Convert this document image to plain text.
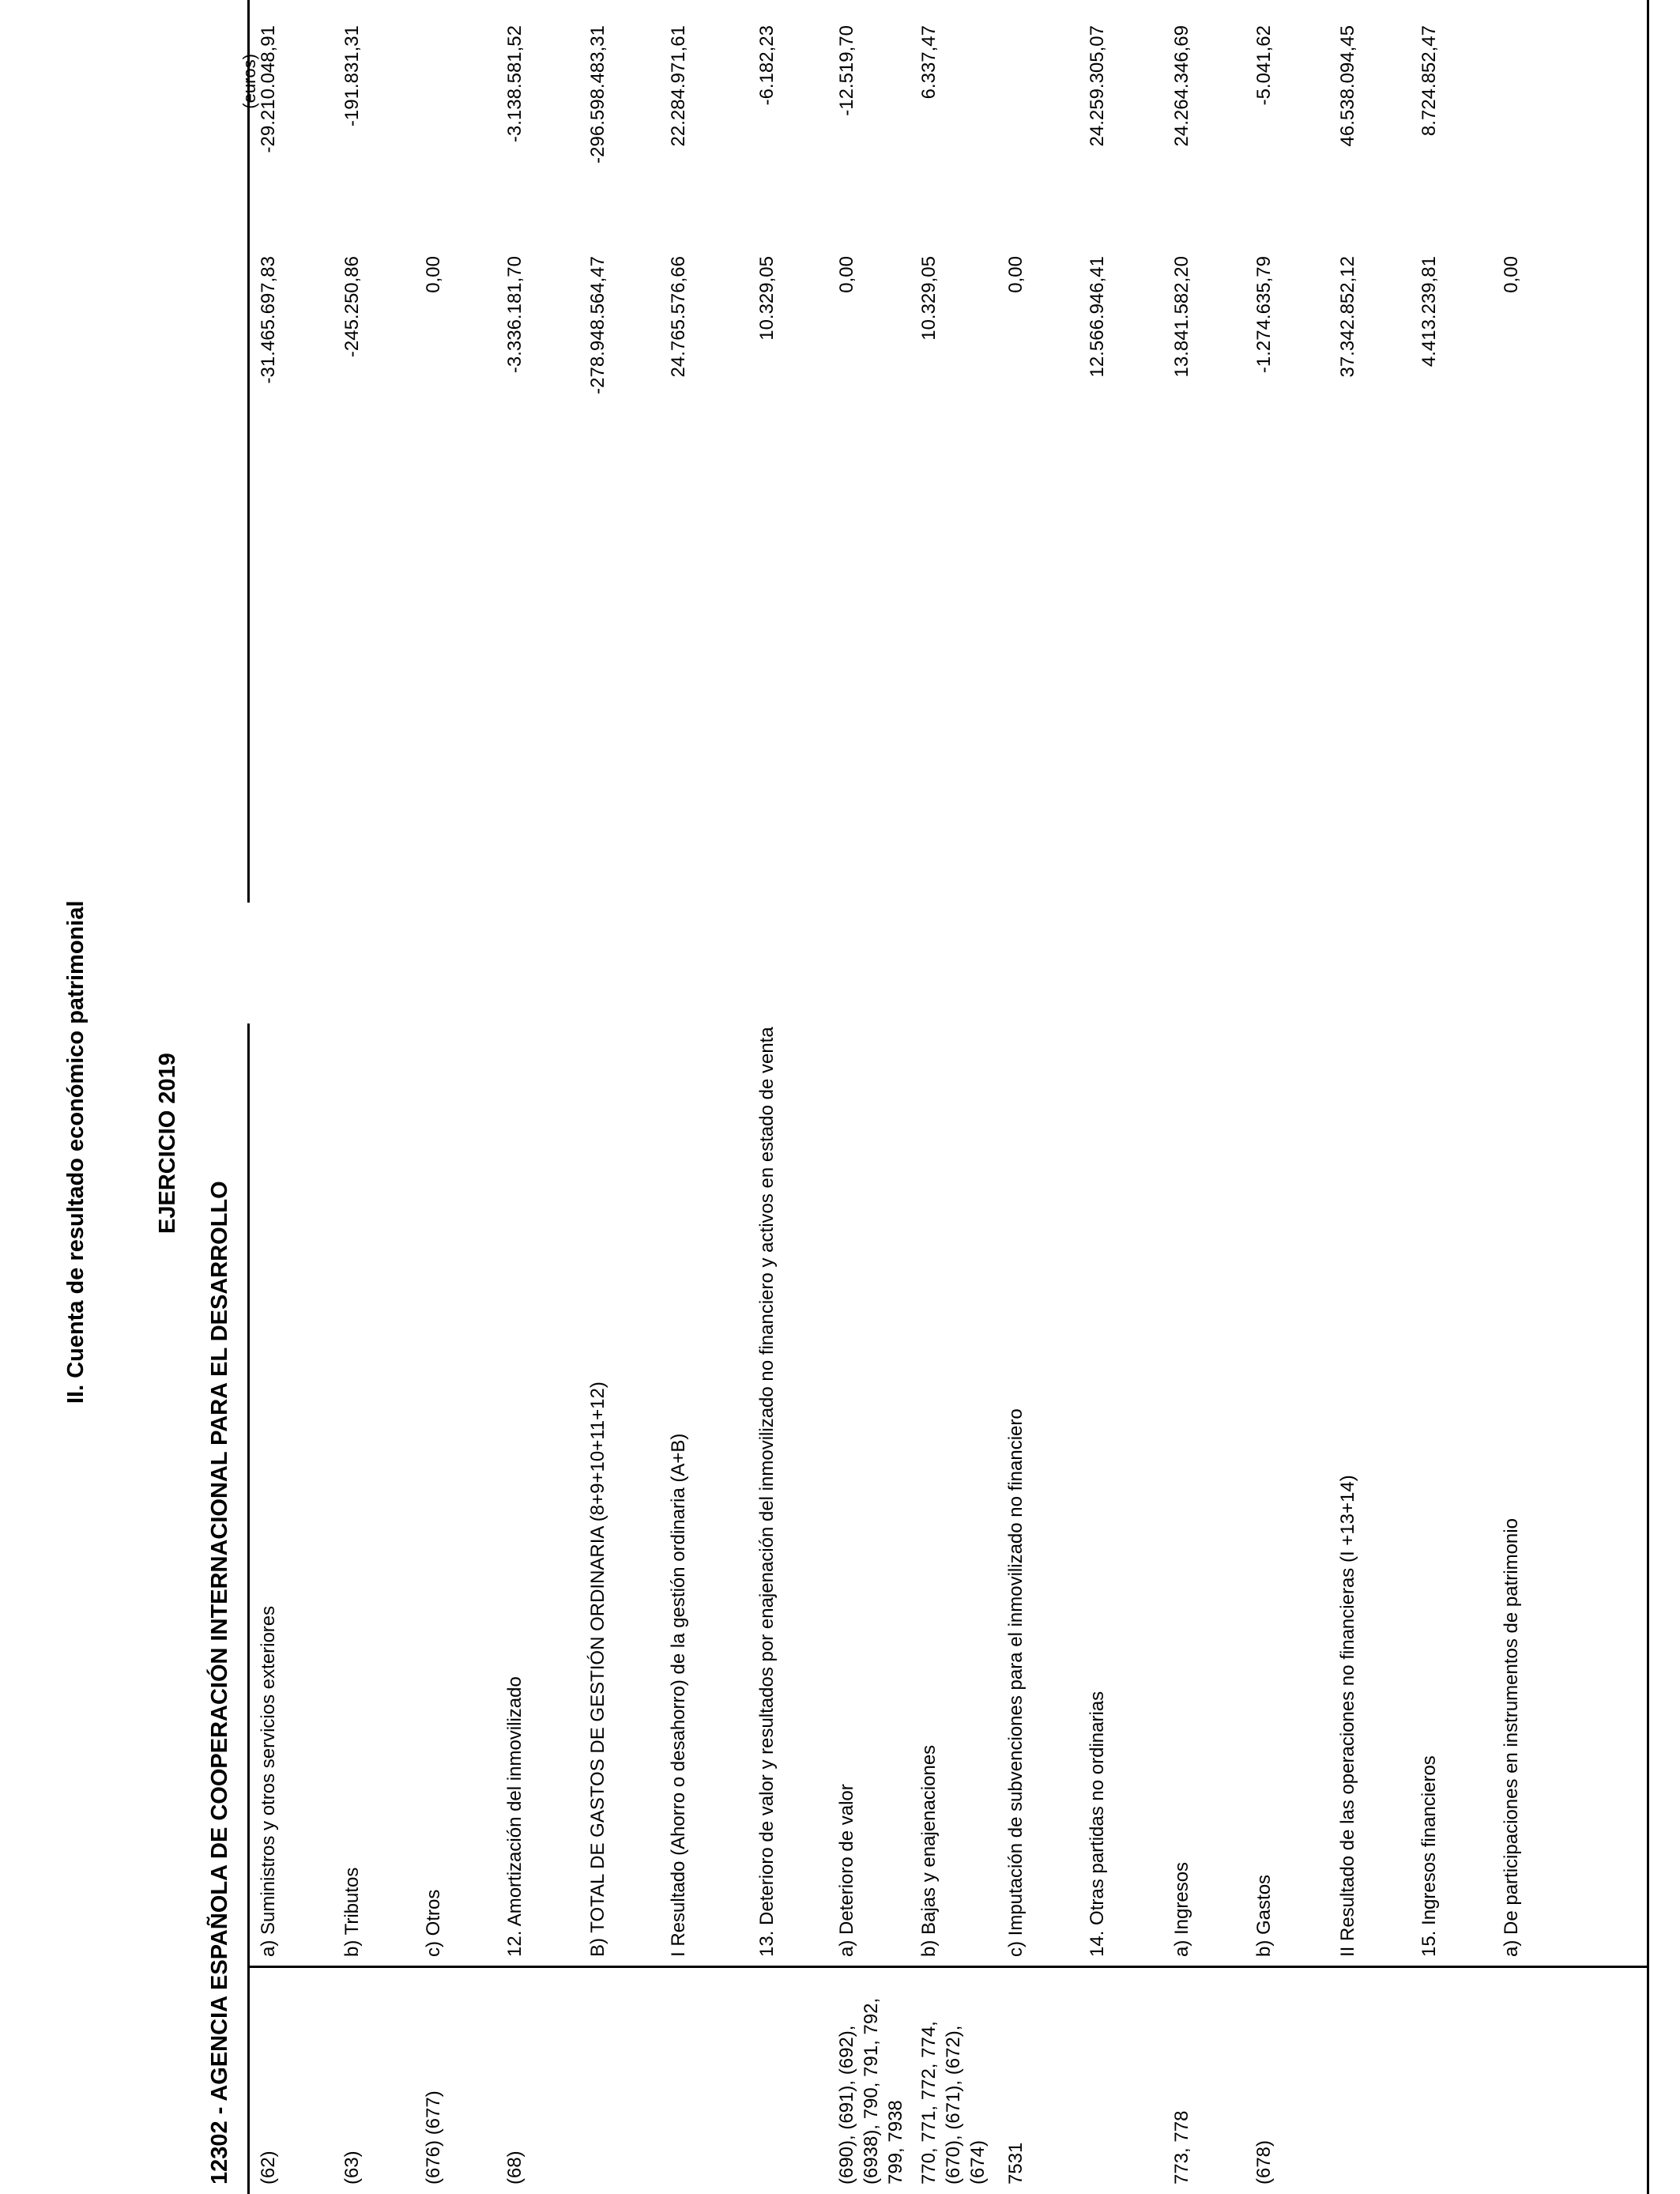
II. Cuenta de resultado económico patrimonial	EJERCICIO 2019
12302 - AGENCIA ESPAÑOLA DE COOPERACIÓN INTERNACIONAL PARA EL DESARROLLO
(euros)
(62)
a) Suministros y otros servicios exteriores
-31.465.697,83
-29.210.048,91
(63)
b) Tributos
-245.250,86
-191.831,31
(676) (677)
c) Otros
0,00
(68)
12. Amortización del inmovilizado
-3.336.181,70
-3.138.581,52
B) TOTAL DE GASTOS DE GESTIÓN ORDINARIA (8+9+10+11+12)
-278.948.564,47
-296.598.483,31
I Resultado (Ahorro o desahorro) de la gestión ordinaria (A+B)
24.765.576,66
22.284.971,61
13. Deterioro de valor y resultados por enajenación del inmovilizado no financiero y activos en estado de venta
10.329,05
-6.182,23
(690), (691), (692), (6938), 790, 791, 792, 799, 7938
a) Deterioro de valor
0,00
-12.519,70
770, 771, 772, 774, (670), (671), (672), (674)
b) Bajas y enajenaciones
10.329,05
6.337,47
7531
c) Imputación de subvenciones para el inmovilizado no financiero
0,00
14. Otras partidas no ordinarias
12.566.946,41
24.259.305,07
773, 778
a) Ingresos
13.841.582,20
24.264.346,69
(678)
b) Gastos
-1.274.635,79
-5.041,62
II Resultado de las operaciones no financieras (I +13+14)
37.342.852,12
46.538.094,45
15. Ingresos financieros
4.413.239,81
8.724.852,47
a) De participaciones en instrumentos de patrimonio
0,00
